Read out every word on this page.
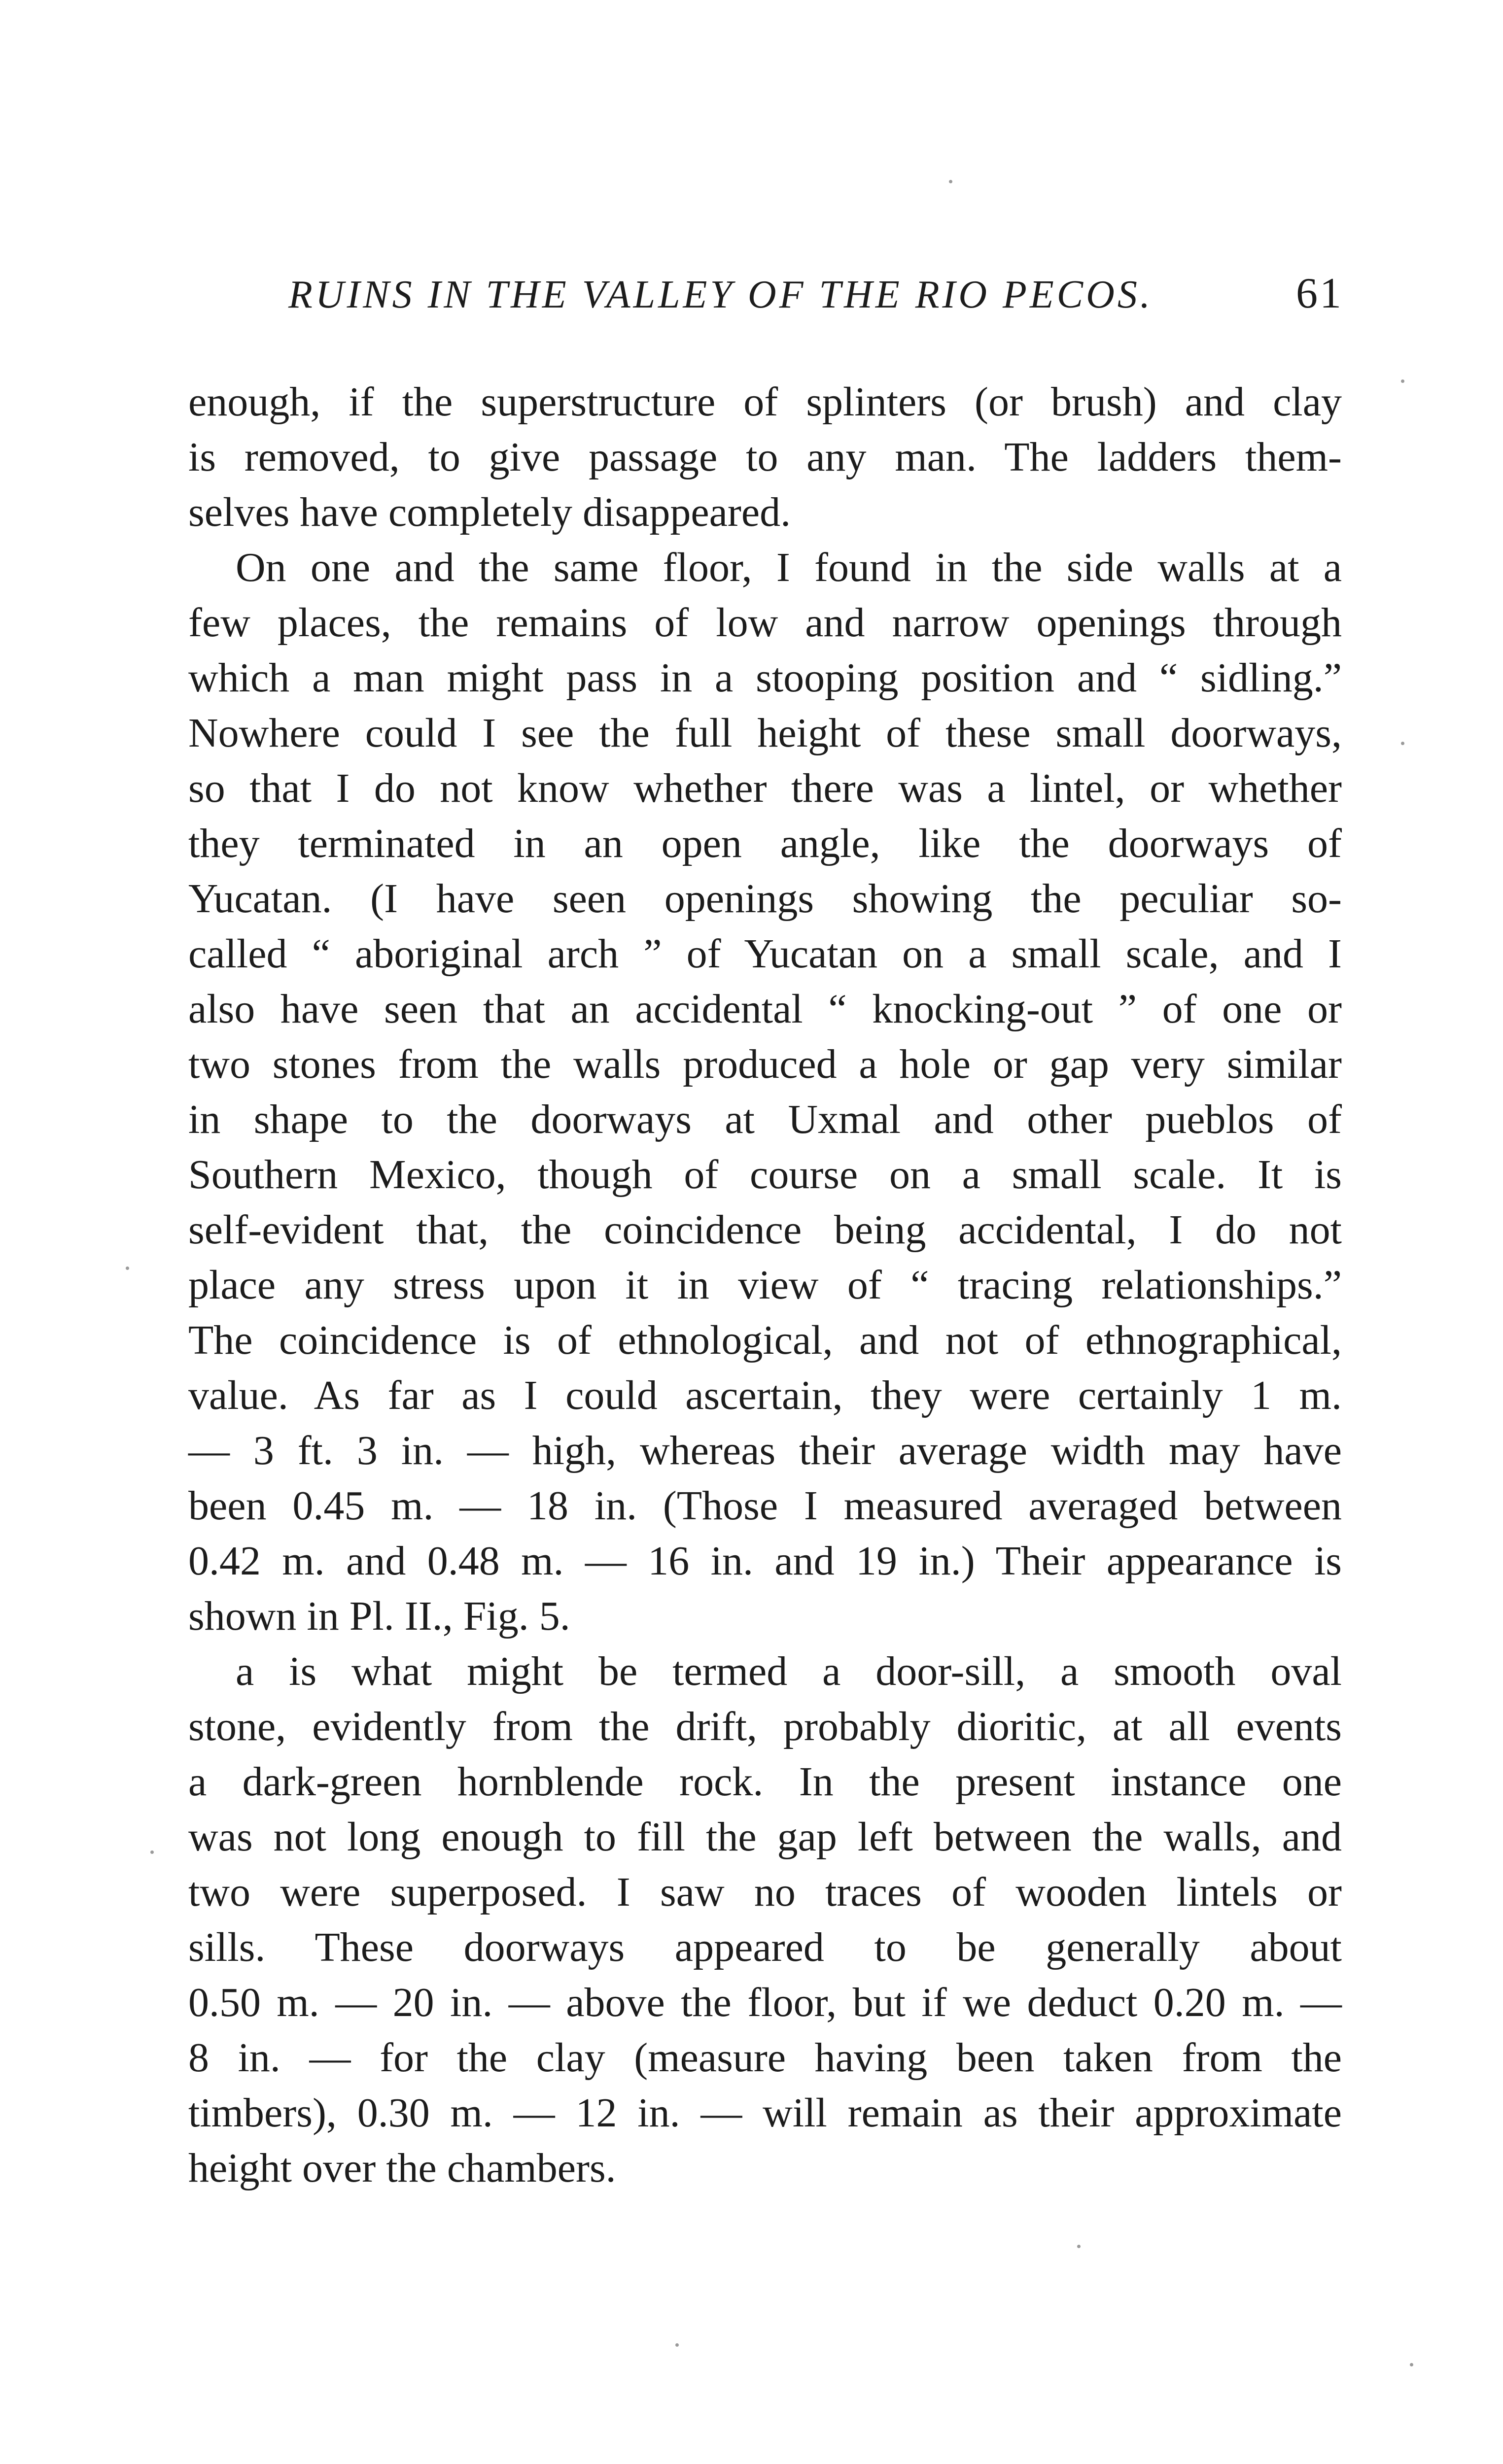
RUINS IN THE VALLEY OF THE RIO PECOS.	61

enough, if the superstructure of splinters (or brush) and clay
is removed, to give passage to any man. The ladders them-
selves have completely disappeared.

On one and the same floor, I found in the side walls at a
few places, the remains of low and narrow openings through
which a man might pass in a stooping position and “ sidling.”
Nowhere could I see the full height of these small doorways,
so that I do not know whether there was a lintel, or whether
they terminated in an open angle, like the doorways of
Yucatan. (I have seen openings showing the peculiar so-
called “ aboriginal arch ” of Yucatan on a small scale, and I
also have seen that an accidental “ knocking-out ” of one or
two stones from the walls produced a hole or gap very similar
in shape to the doorways at Uxmal and other pueblos of
Southern Mexico, though of course on a small scale. It is
self-evident that, the coincidence being accidental, I do not
place any stress upon it in view of “ tracing relationships.”
The coincidence is of ethnological, and not of ethnographical,
value. As far as I could ascertain, they were certainly 1 m.
— 3 ft. 3 in. — high, whereas their average width may have
been 0.45 m. — 18 in. (Those I measured averaged between
0.42 m. and 0.48 m. — 16 in. and 19 in.) Their appearance is
shown in Pl. II., Fig. 5.

a is what might be termed a door-sill, a smooth oval
stone, evidently from the drift, probably dioritic, at all events
a dark-green hornblende rock. In the present instance one
was not long enough to fill the gap left between the walls, and
two were superposed. I saw no traces of wooden lintels or
sills. These doorways appeared to be generally about
0.50 m. — 20 in. — above the floor, but if we deduct 0.20 m. —
8 in. — for the clay (measure having been taken from the
timbers), 0.30 m. — 12 in. — will remain as their approximate
height over the chambers.
